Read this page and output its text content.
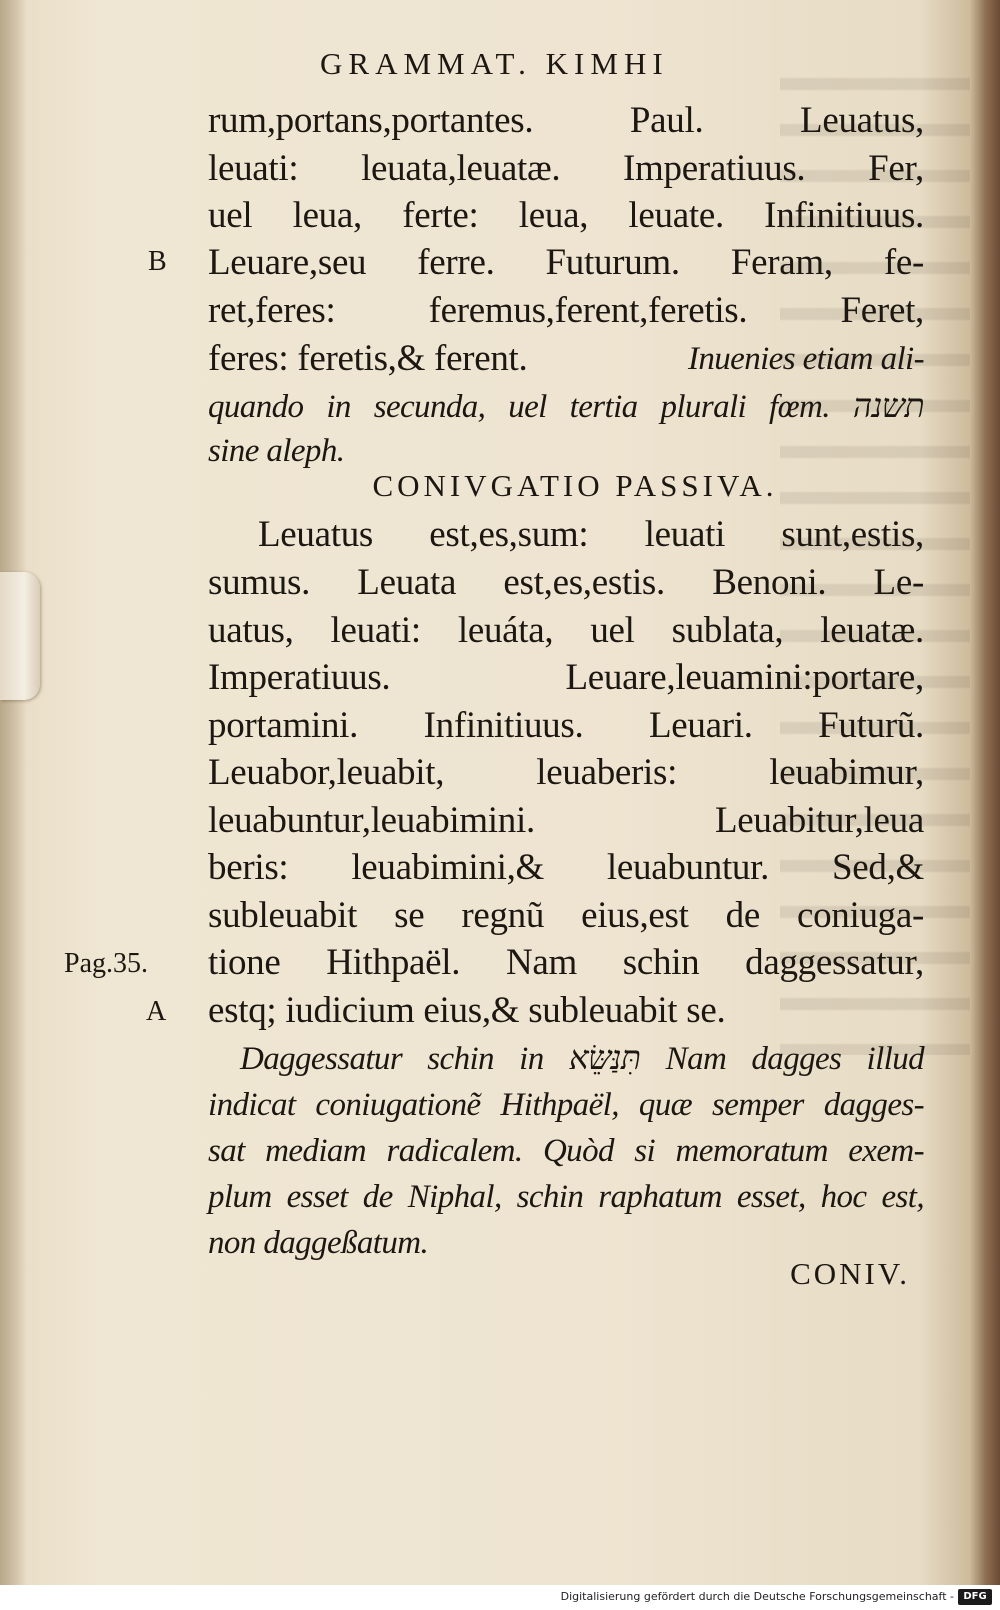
GRAMMAT. KIMHI
rum,portans,portantes. Paul. Leuatus,
leuati: leuata,leuatæ. Imperatiuus. Fer,
uel leua, ferte: leua, leuate. Infinitiuus.
Leuare,seu ferre. Futurum. Feram, fe-
ret,feres: feremus,ferent,feretis. Feret,
feres: feretis,& ferent.	Inuenies etiam ali-
quando in secunda, uel tertia plurali fœm. תשנה
sine aleph.
CONIVGATIO PASSIVA.
Leuatus est,es,sum: leuati sunt,estis,
sumus. Leuata est,es,estis. Benoni. Le-
uatus, leuati: leuáta, uel sublata, leuatæ.
Imperatiuus. Leuare,leuamini:portare,
portamini. Infinitiuus. Leuari. Futurũ.
Leuabor,leuabit, leuaberis: leuabimur,
leuabuntur,leuabimini. Leuabitur,leua
beris: leuabimini,& leuabuntur. Sed,&
subleuabit se regnũ eius,est de coniuga-
tione Hithpaël. Nam schin daggessatur,
estq; iudicium eius,& subleuabit se.
Daggessatur schin in תִּנַּשֵּׂא Nam dagges illud
indicat coniugationẽ Hithpaël, quæ semper dagges-
sat mediam radicalem. Quòd si memoratum exem-
plum esset de Niphal, schin raphatum esset, hoc est,
non daggeßatum.
CONIV.
B
Pag.35.
A
Digitalisierung gefördert durch die Deutsche Forschungsgemeinschaft - DFG
